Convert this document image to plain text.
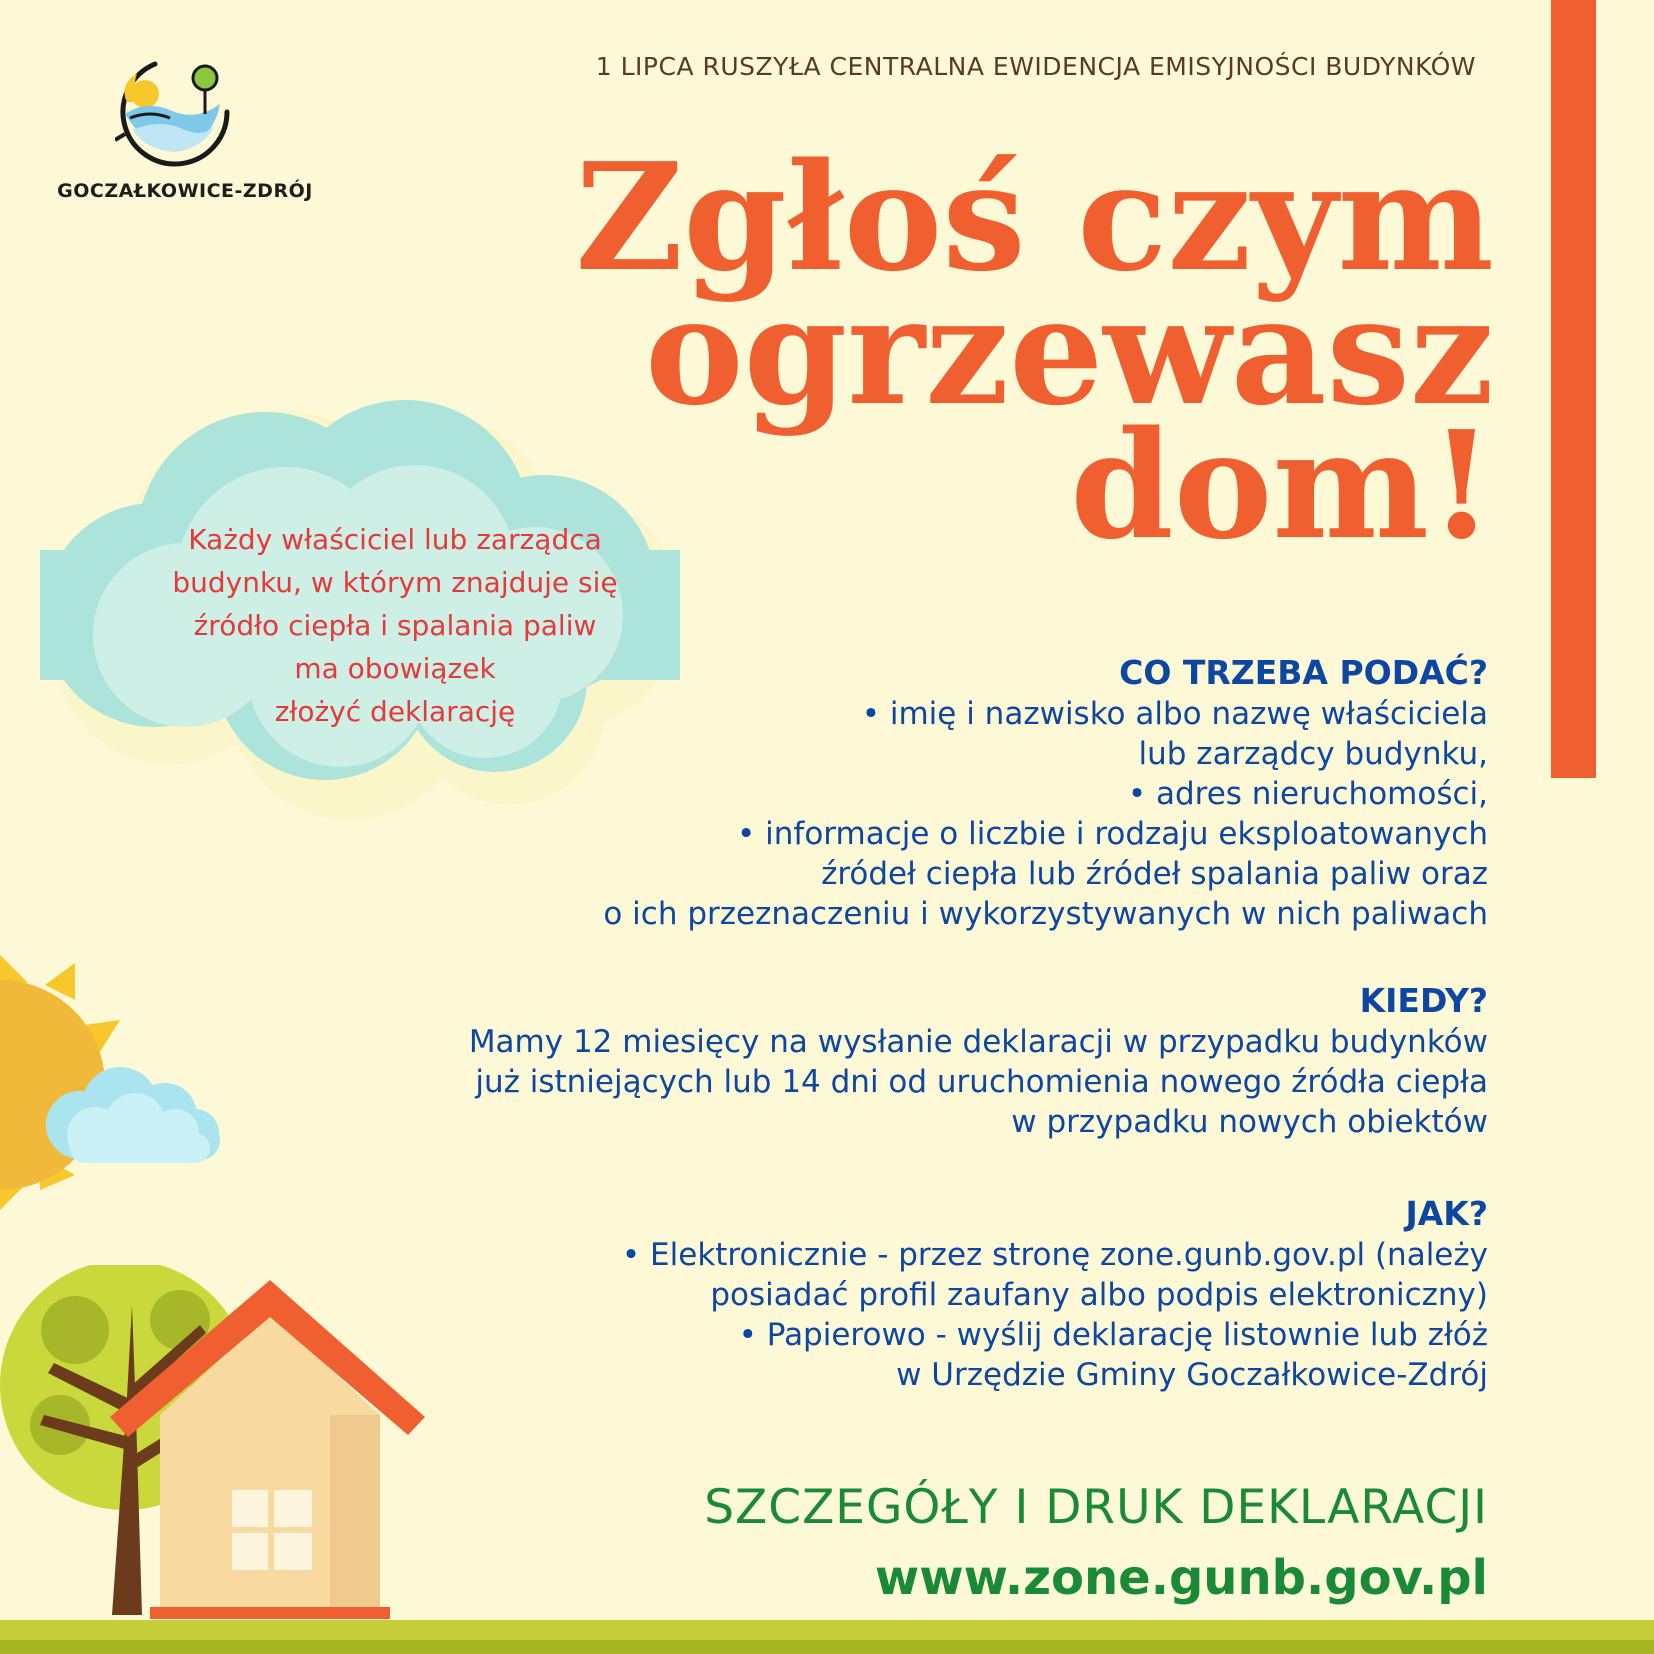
1 LIPCA RUSZYŁA CENTRALNA EWIDENCJA EMISYJNOŚCI BUDYNKÓW
GOCZAŁKOWICE-ZDRÓJ Zgłoś czym
ogrzewasz
dom!
Każdy właściciel lub zarządca
budynku, w którym znajduje się
źródło ciepła i spalania paliw
ma obowiązek
złożyć deklarację
CO TRZEBA PODAĆ?
• imię i nazwisko albo nazwę właściciela
lub zarządcy budynku,
• adres nieruchomości,
• informacje o liczbie i rodzaju eksploatowanych
źródeł ciepła lub źródeł spalania paliw oraz
o ich przeznaczeniu i wykorzystywanych w nich paliwach
KIEDY?
Mamy 12 miesięcy na wysłanie deklaracji w przypadku budynków
już istniejących lub 14 dni od uruchomienia nowego źródła ciepła
w przypadku nowych obiektów
JAK?
• Elektronicznie - przez stronę zone.gunb.gov.pl (należy
posiadać profil zaufany albo podpis elektroniczny)
• Papierowo - wyślij deklarację listownie lub złóż
w Urzędzie Gminy Goczałkowice-Zdrój
SZCZEGÓŁY I DRUK DEKLARACJI
www.zone.gunb.gov.pl
